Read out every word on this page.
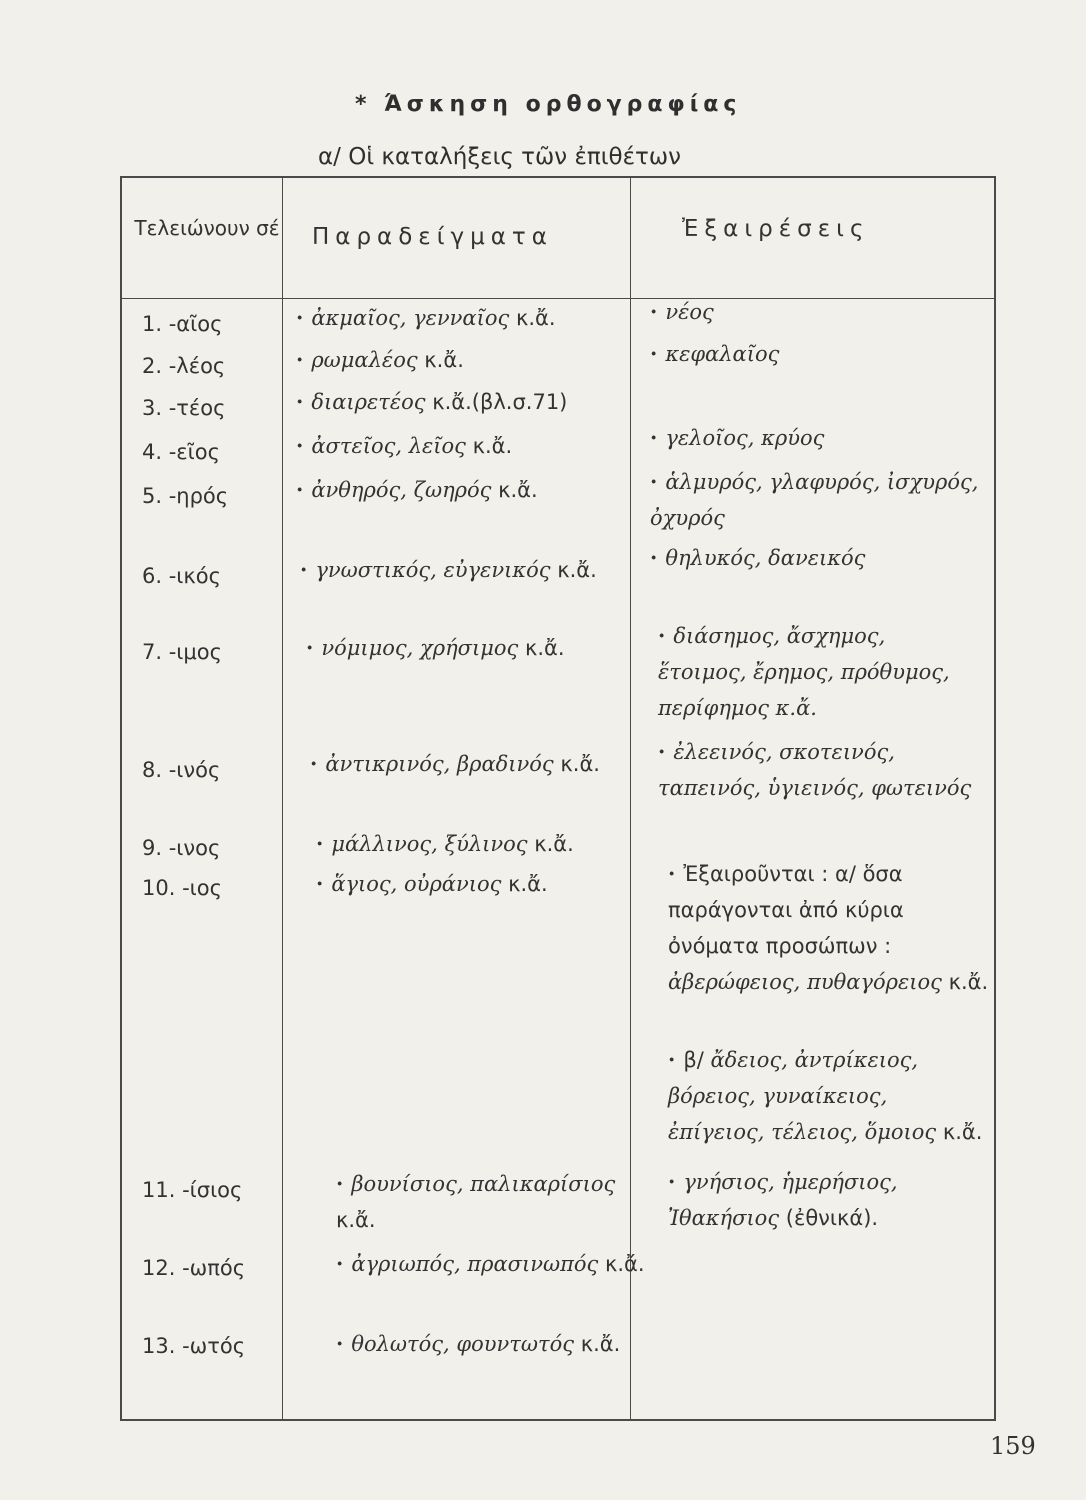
* Άσκηση ορθογραφίας
α/ Οἱ καταλήξεις τῶν ἐπιθέτων
Τελειώνουν σέ Παραδείγματα	Ἐξαιρέσεις
1. -αῖος
2. -λέος
3. -τέος
4. -εῖος
5. -ηρός
6. -ικός
7. -ιμος
8. -ινός
9. -ινος
10. -ιος
11. -ίσιος
12. -ωπός
13. -ωτός
· ἀκμαῖος, γενναῖος κ.ἄ.
· ρωμαλέος κ.ἄ.
· διαιρετέος κ.ἄ.(βλ.σ.71)
· ἀστεῖος, λεῖος κ.ἄ.
· ἀνθηρός, ζωηρός κ.ἄ.
· γνωστικός, εὐγενικός κ.ἄ.
· νόμιμος, χρήσιμος κ.ἄ.
· ἀντικρινός, βραδινός κ.ἄ.
· μάλλινος, ξύλινος κ.ἄ.
· ἅγιος, οὐράνιος κ.ἄ.
· βουνίσιος, παλικαρίσιος κ.ἄ.
· ἀγριωπός, πρασινωπός κ.ἄ.
· θολωτός, φουντωτός κ.ἄ.
· νέος
· κεφαλαῖος
· γελοῖος, κρύος
· ἁλμυρός, γλαφυρός, ἰσχυρός, ὀχυρός
· θηλυκός, δανεικός
· διάσημος, ἄσχημος, ἕτοιμος, ἔρημος, πρόθυμος, περίφημος κ.ἄ.
· ἐλεεινός, σκοτεινός, ταπεινός, ὑγιεινός, φωτεινός
· Ἐξαιροῦνται : α/ ὅσα παράγονται ἀπό κύρια ὀνόματα προσώπων : ἀβερώφειος, πυθαγόρειος κ.ἄ.
· β/ ἄδειος, ἀντρίκειος, βόρειος, γυναίκειος, ἐπίγειος, τέλειος, ὅμοιος κ.ἄ.
· γνήσιος, ἡμερήσιος, Ἰθακήσιος (ἐθνικά).
159
